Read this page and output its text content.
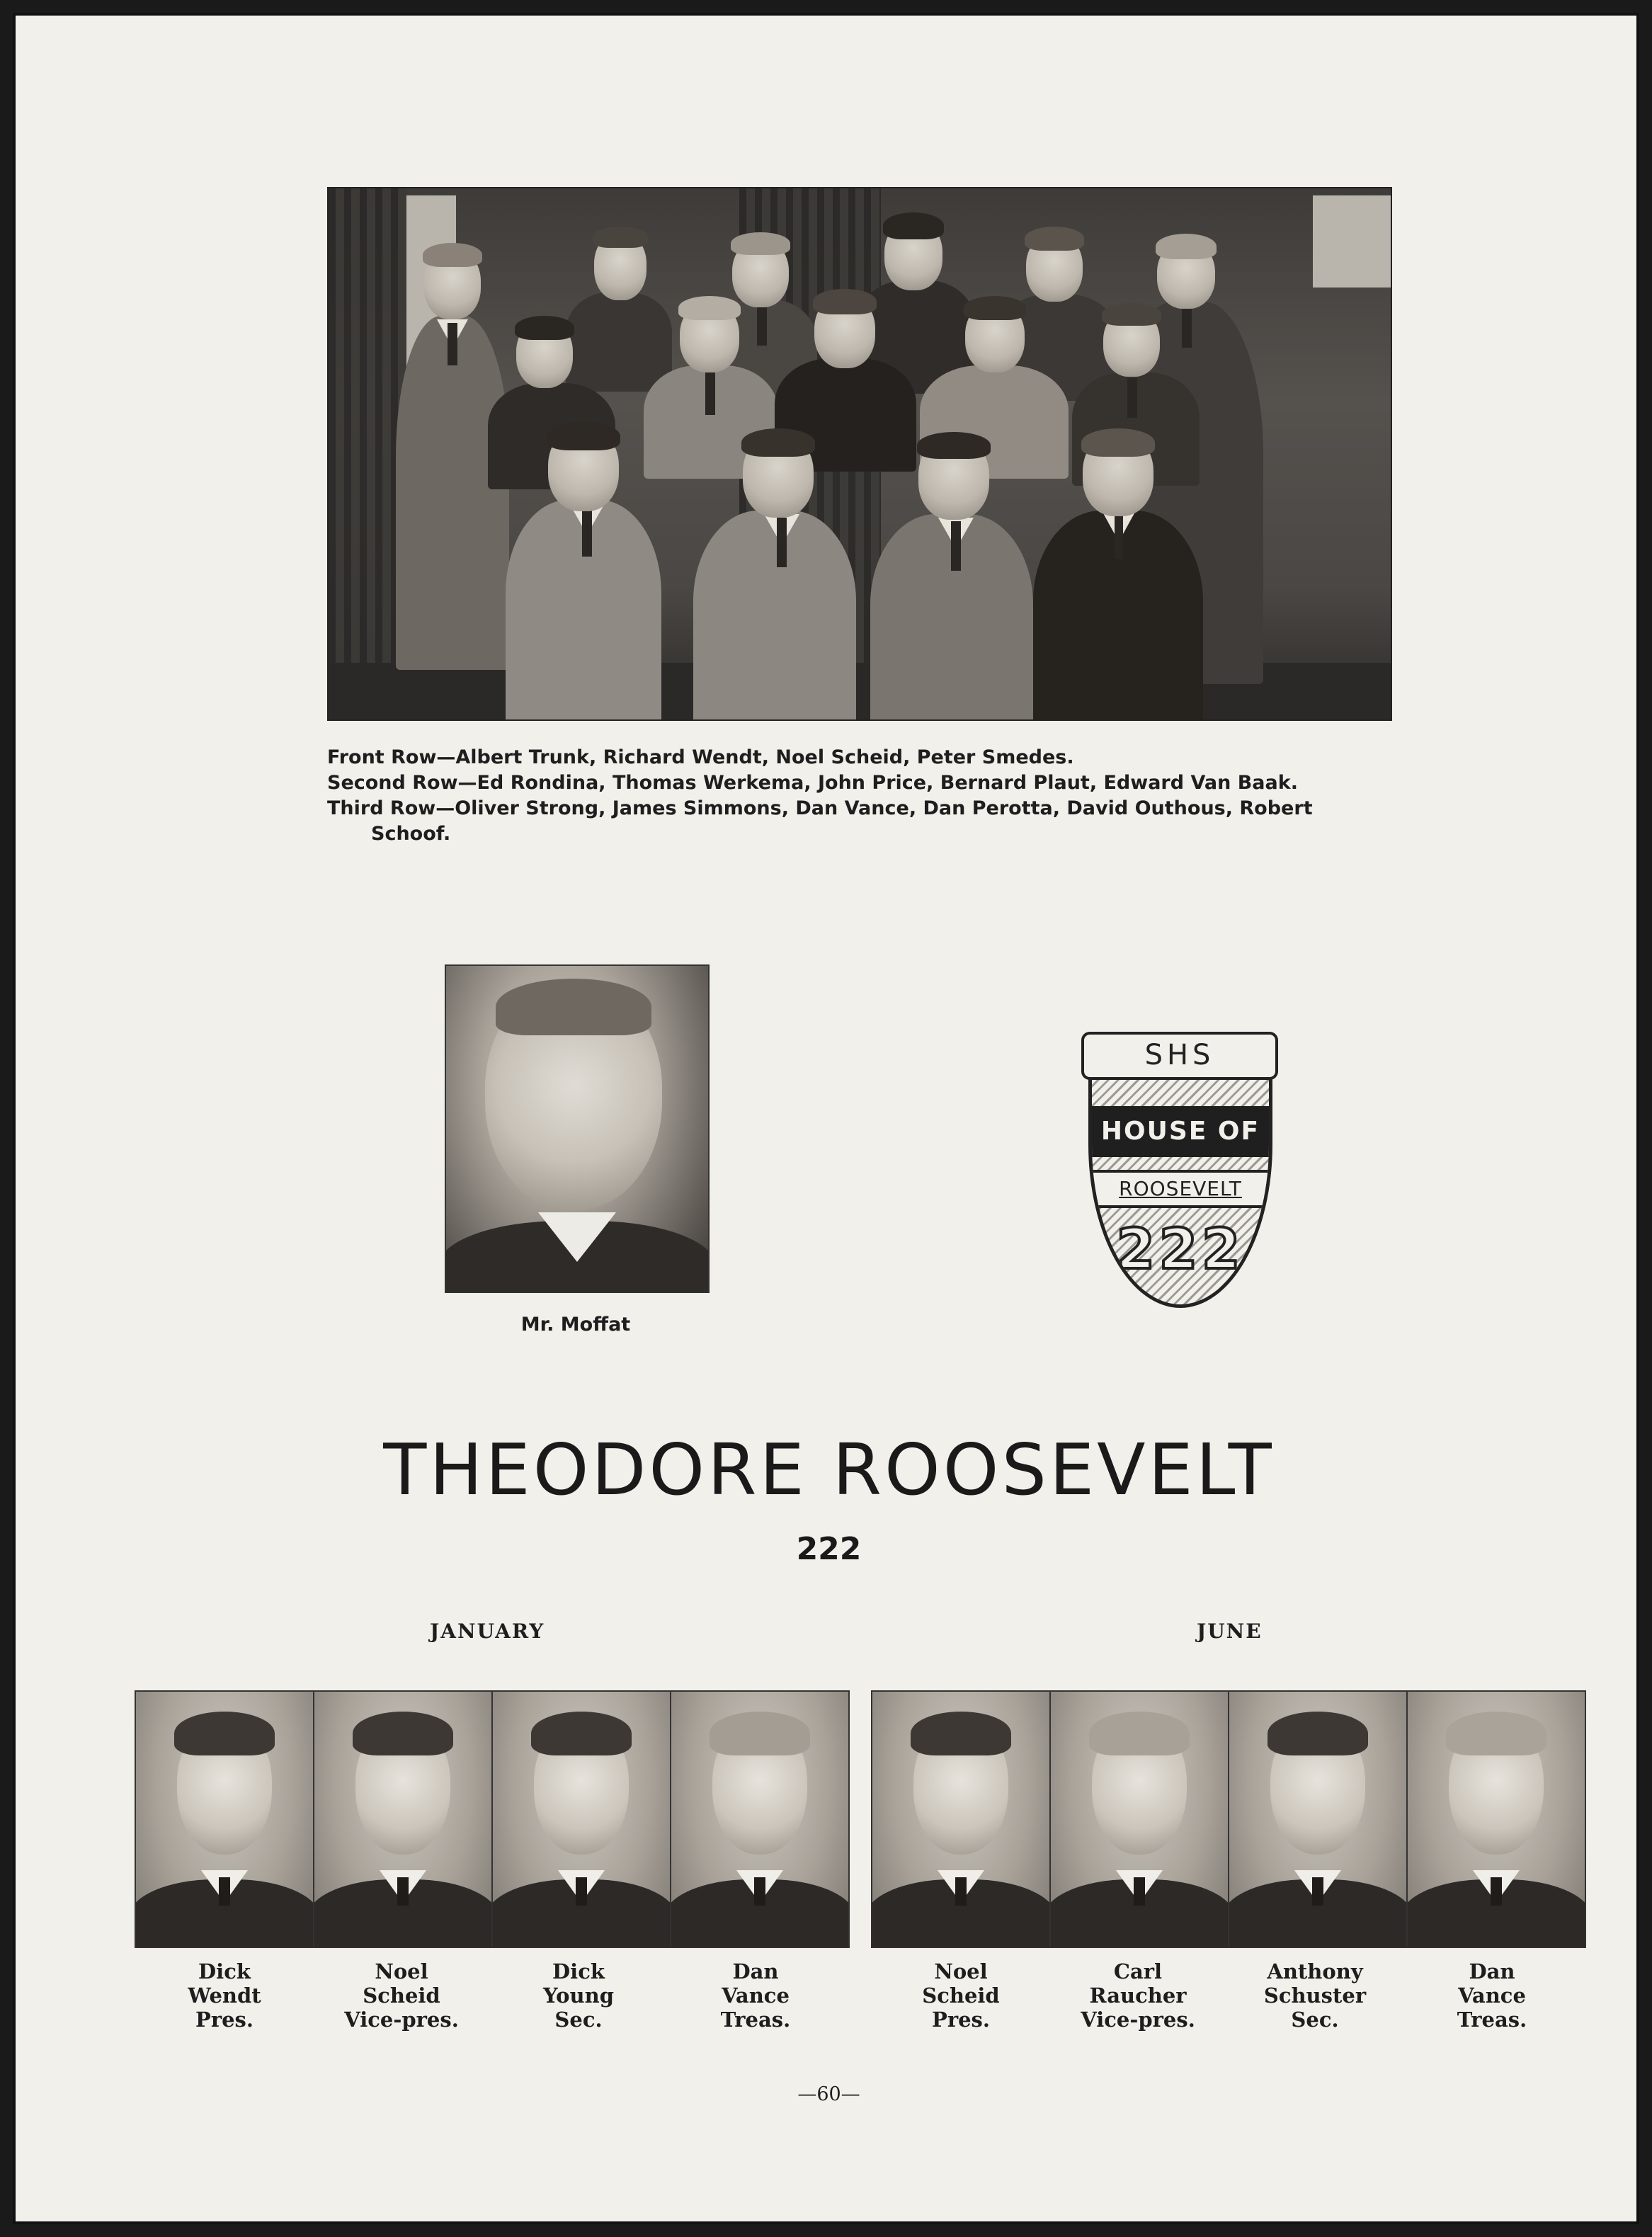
Front Row—Albert Trunk, Richard Wendt, Noel Scheid, Peter Smedes.
Second Row—Ed Rondina, Thomas Werkema, John Price, Bernard Plaut, Edward Van Baak.
Third Row—Oliver Strong, James Simmons, Dan Vance, Dan Perotta, David Outhous, Robert
Schoof.
Mr. Moffat
HOUSE OF
ROOSEVELT
222
SHS
THEODORE ROOSEVELT
222
JANUARY	JUNE
Dick
Wendt
Pres.
Noel
Scheid
Vice-pres.
Dick
Young
Sec.
Dan
Vance
Treas.
Noel
Scheid
Pres.
Carl
Raucher
Vice-pres.
Anthony
Schuster
Sec.
Dan
Vance
Treas.
—60—
